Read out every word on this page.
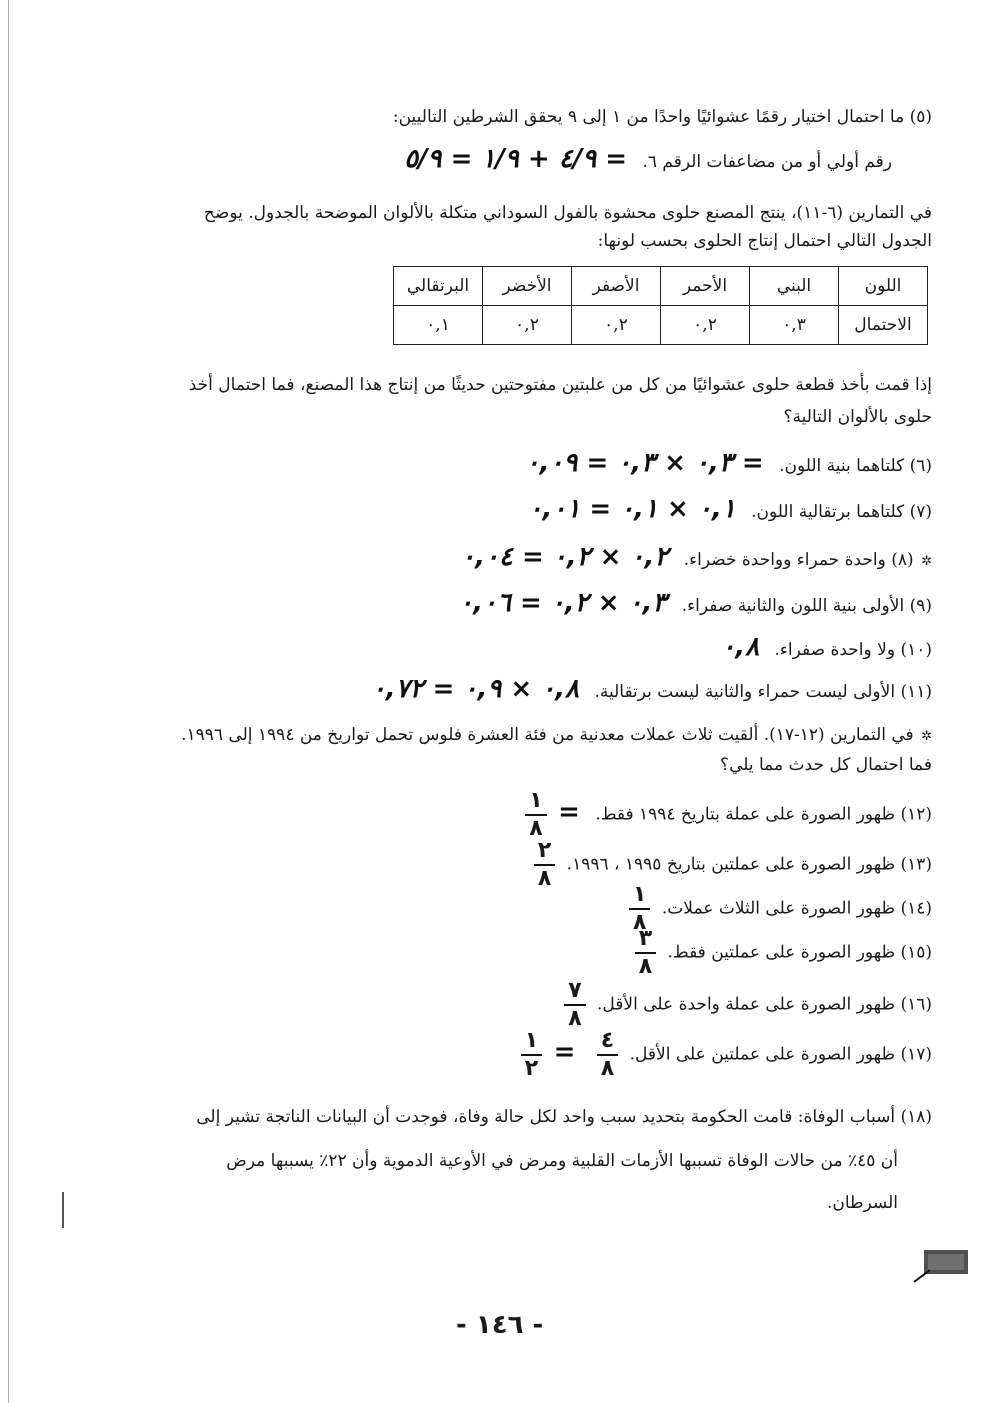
(٥) ما احتمال اختيار رقمًا عشوائيًا واحدًا من ١ إلى ٩ يحقق الشرطين التاليين:
رقم أولي أو من مضاعفات الرقم ٦. = ٤/٩ + ١/٩ = ٥/٩
في التمارين (٦-١١)، ينتج المصنع حلوى محشوة بالفول السوداني متكلة بالألوان الموضحة بالجدول. يوضح
الجدول التالي احتمال إنتاج الحلوى بحسب لونها:
اللون	البني	الأحمر	الأصفر	الأخضر	البرتقالي
الاحتمال	٠,٣	٠,٢	٠,٢	٠,٢	٠,١
إذا قمت بأخذ قطعة حلوى عشوائيًا من كل من علبتين مفتوحتين حديثًا من إنتاج هذا المصنع، فما احتمال أخذ
حلوى بالألوان التالية؟
(٦) كلتاهما بنية اللون. = ٠,٣ × ٠,٣ = ٠,٠٩
(٧) كلتاهما برتقالية اللون. ٠,١ × ٠,١ = ٠,٠١
✲ (٨) واحدة حمراء وواحدة خضراء. ٠,٢ × ٠,٢ = ٠,٠٤
(٩) الأولى بنية اللون والثانية صفراء. ٠,٣ × ٠,٢ = ٠,٠٦
(١٠) ولا واحدة صفراء. ٠,٨
(١١) الأولى ليست حمراء والثانية ليست برتقالية. ٠,٨ × ٠,٩ = ٠,٧٢
✲ في التمارين (١٢-١٧). ألقيت ثلاث عملات معدنية من فئة العشرة فلوس تحمل تواريخ من ١٩٩٤ إلى ١٩٩٦.
فما احتمال كل حدث مما يلي؟
(١٢) ظهور الصورة على عملة بتاريخ ١٩٩٤ فقط. =
$\frac{١}{٨}$
(١٣) ظهور الصورة على عملتين بتاريخ ١٩٩٥ ، ١٩٩٦.
$\frac{٢}{٨}$
(١٤) ظهور الصورة على الثلاث عملات.
$\frac{١}{٨}$
(١٥) ظهور الصورة على عملتين فقط.
$\frac{٣}{٨}$
(١٦) ظهور الصورة على عملة واحدة على الأقل.
$\frac{٧}{٨}$
(١٧) ظهور الصورة على عملتين على الأقل.
$\frac{٤}{٨}$
=
$\frac{١}{٢}$
(١٨) أسباب الوفاة: قامت الحكومة بتحديد سبب واحد لكل حالة وفاة، فوجدت أن البيانات الناتجة تشير إلى
أن ٤٥٪ من حالات الوفاة تسببها الأزمات القلبية ومرض في الأوعية الدموية وأن ٢٢٪ يسببها مرض
السرطان.
- ١٤٦ -
